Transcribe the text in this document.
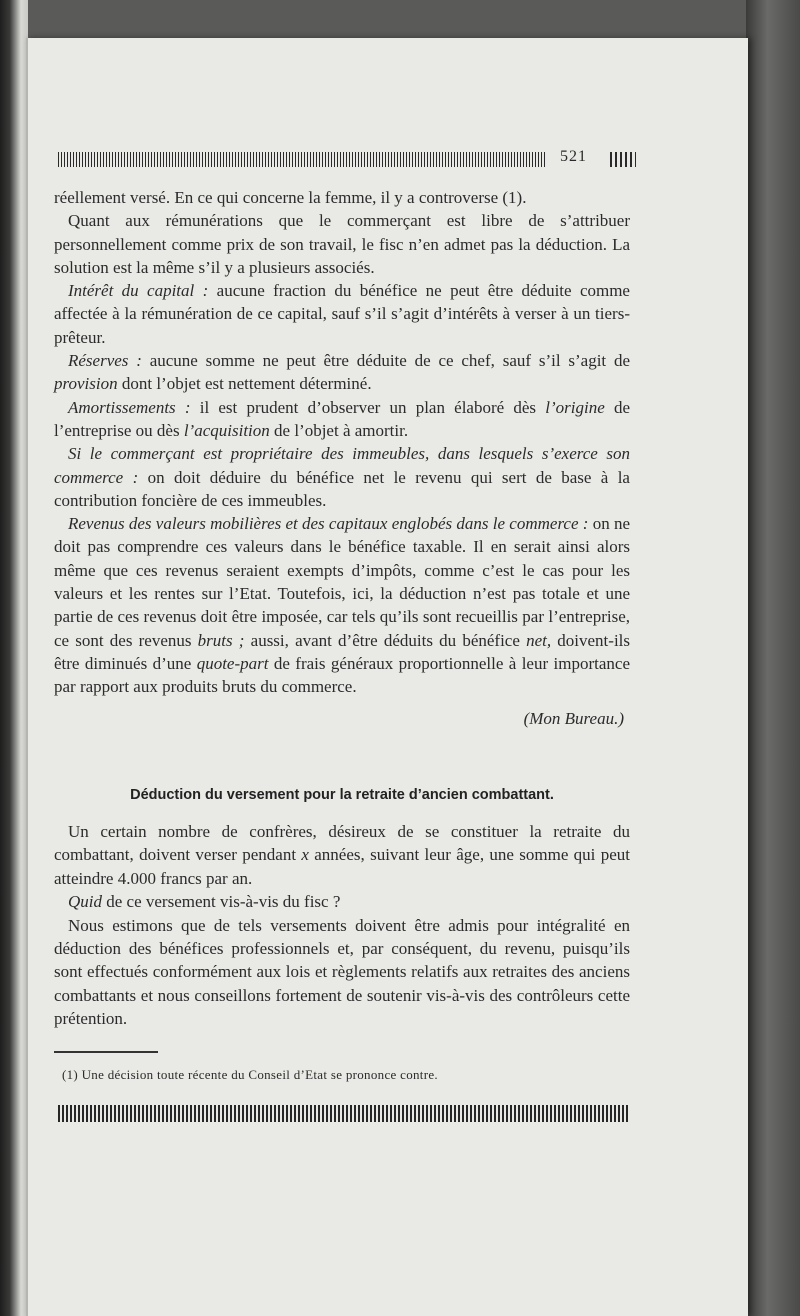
521

réellement versé. En ce qui concerne la femme, il y a controverse (1).

Quant aux rémunérations que le commerçant est libre de s’attribuer personnellement comme prix de son travail, le fisc n’en admet pas la déduction. La solution est la même s’il y a plusieurs associés.

Intérêt du capital : aucune fraction du bénéfice ne peut être déduite comme affectée à la rémunération de ce capital, sauf s’il s’agit d’intérêts à verser à un tiers-prêteur.

Réserves : aucune somme ne peut être déduite de ce chef, sauf s’il s’agit de provision dont l’objet est nettement déterminé.

Amortissements : il est prudent d’observer un plan élaboré dès l’origine de l’entreprise ou dès l’acquisition de l’objet à amortir.

Si le commerçant est propriétaire des immeubles, dans lesquels s’exerce son commerce : on doit déduire du bénéfice net le revenu qui sert de base à la contribution foncière de ces immeubles.

Revenus des valeurs mobilières et des capitaux englobés dans le commerce : on ne doit pas comprendre ces valeurs dans le bénéfice taxable. Il en serait ainsi alors même que ces revenus seraient exempts d’impôts, comme c’est le cas pour les valeurs et les rentes sur l’Etat. Toutefois, ici, la déduction n’est pas totale et une partie de ces revenus doit être imposée, car tels qu’ils sont recueillis par l’entreprise, ce sont des revenus bruts ; aussi, avant d’être déduits du bénéfice net, doivent-ils être diminués d’une quote-part de frais généraux proportionnelle à leur importance par rapport aux produits bruts du commerce.

(Mon Bureau.)

Déduction du versement pour la retraite d’ancien combattant.

Un certain nombre de confrères, désireux de se constituer la retraite du combattant, doivent verser pendant x années, suivant leur âge, une somme qui peut atteindre 4.000 francs par an.

Quid de ce versement vis-à-vis du fisc ?

Nous estimons que de tels versements doivent être admis pour intégralité en déduction des bénéfices professionnels et, par conséquent, du revenu, puisqu’ils sont effectués conformément aux lois et règlements relatifs aux retraites des anciens combattants et nous conseillons fortement de soutenir vis-à-vis des contrôleurs cette prétention.

(1) Une décision toute récente du Conseil d’Etat se prononce contre.
